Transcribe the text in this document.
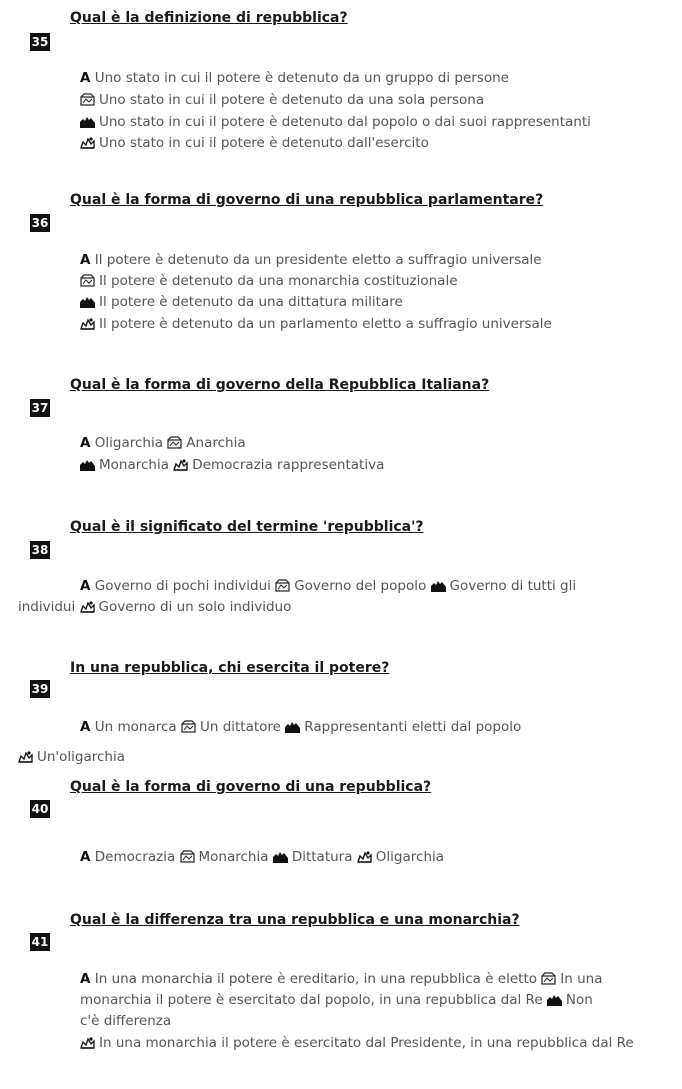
Qual è la definizione di repubblica?
35
A Uno stato in cui il potere è detenuto da un gruppo di persone
Uno stato in cui il potere è detenuto da una sola persona
Uno stato in cui il potere è detenuto dal popolo o dai suoi rappresentanti
Uno stato in cui il potere è detenuto dall'esercito
Qual è la forma di governo di una repubblica parlamentare?
36
A Il potere è detenuto da un presidente eletto a suffragio universale
Il potere è detenuto da una monarchia costituzionale
Il potere è detenuto da una dittatura militare
Il potere è detenuto da un parlamento eletto a suffragio universale
Qual è la forma di governo della Repubblica Italiana?
37
A Oligarchia Anarchia
Monarchia Democrazia rappresentativa
Qual è il significato del termine 'repubblica'?
38
A Governo di pochi individui Governo del popolo Governo di tutti gli
individui Governo di un solo individuo
In una repubblica, chi esercita il potere?
39
A Un monarca Un dittatore Rappresentanti eletti dal popolo
Un'oligarchia
Qual è la forma di governo di una repubblica?
40
A Democrazia Monarchia Dittatura Oligarchia
Qual è la differenza tra una repubblica e una monarchia?
41
A In una monarchia il potere è ereditario, in una repubblica è eletto In una
monarchia il potere è esercitato dal popolo, in una repubblica dal Re Non
c'è differenza
In una monarchia il potere è esercitato dal Presidente, in una repubblica dal Re
